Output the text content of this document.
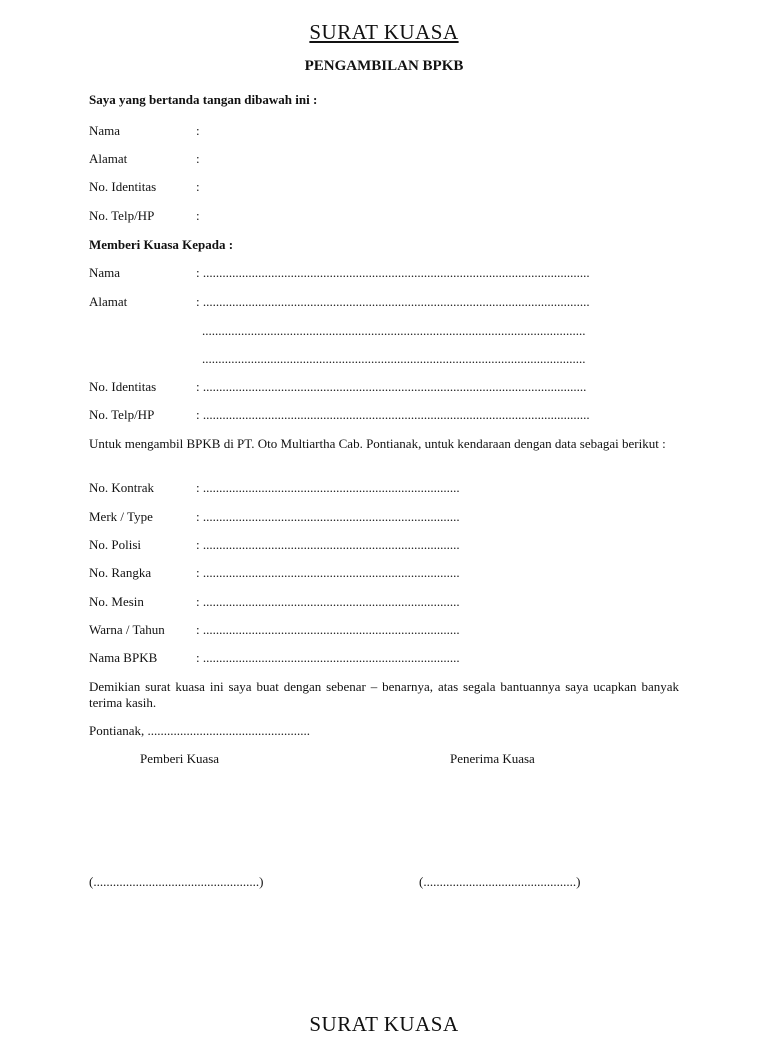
SURAT KUASA
PENGAMBILAN BPKB
Saya yang bertanda tangan dibawah ini :
Nama	:
Alamat	:
No. Identitas	:
No. Telp/HP	:
Memberi Kuasa Kepada :
Nama	: .......................................................................................................................
Alamat	: .......................................................................................................................
......................................................................................................................
......................................................................................................................
No. Identitas	: ......................................................................................................................
No. Telp/HP	: .......................................................................................................................
Untuk mengambil BPKB di PT. Oto Multiartha Cab. Pontianak, untuk kendaraan dengan data sebagai berikut :
No. Kontrak	: ...............................................................................
Merk / Type	: ...............................................................................
No. Polisi	: ...............................................................................
No. Rangka	: ...............................................................................
No. Mesin	: ...............................................................................
Warna / Tahun : ...............................................................................
Nama BPKB	: ...............................................................................
Demikian surat kuasa ini saya buat dengan sebenar – benarnya, atas segala bantuannya saya ucapkan banyak terima kasih.
Pontianak, ..................................................
Pemberi Kuasa	Penerima Kuasa
(...................................................)	(...............................................)
SURAT KUASA
